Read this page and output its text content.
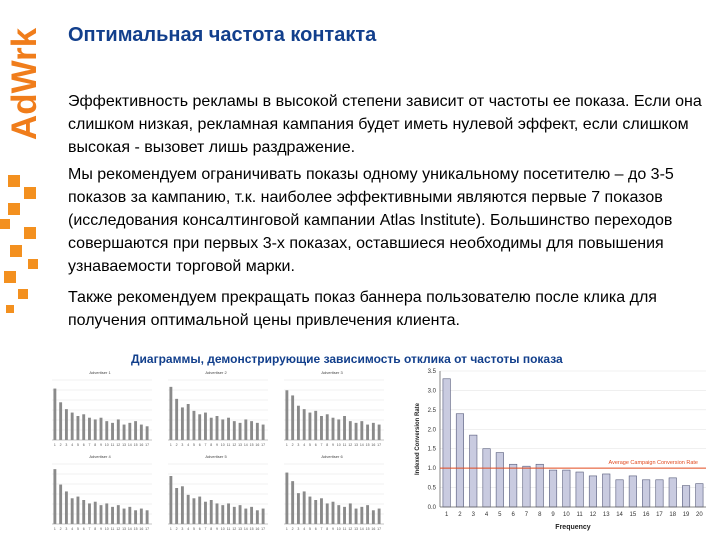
AdWrk Оптимальная частота контакта
Эффективность рекламы в высокой степени зависит от частоты ее показа. Если она слишком низкая, рекламная кампания будет иметь нулевой эффект, если слишком высокая - вызовет лишь раздражение.
Мы рекомендуем ограничивать показы одному уникальному посетителю – до 3-5 показов за кампанию, т.к. наиболее эффективными являются первые 7 показов (исследования консалтинговой кампании Atlas Institute). Большинство переходов совершаются при первых 3-х показах, оставшиеся необходимы для повышения узнаваемости торговой марки.
Также рекомендуем прекращать показ баннера пользователю после клика для получения оптимальной цены привлечения клиента.
Диаграммы, демонстрирующие зависимость отклика от частоты показа
Advertiser 1
1 2 3 4 5 6 7 8 9 10 11 12 13 14 15 16 17
Advertiser 2
1 2 3 4 5 6 7 8 9 10 11 12 13 14 15 16 17
Advertiser 3
1 2 3 4 5 6 7 8 9 10 11 12 13 14 15 16 17
Advertiser 4
1 2 3 4 5 6 7 8 9 10 11 12 13 14 15 16 17
Advertiser 5
1 2 3 4 5 6 7 8 9 10 11 12 13 14 15 16 17
Advertiser 6
1 2 3 4 5 6 7 8 9 10 11 12 13 14 15 16 17
0.0
0.5
1.0
1.5
2.0
2.5
3.0
3.5
1 2 3 4 5 6 7 8 9 10 11 12 13 14 15 16 17 18 19 20
Average Campaign Conversion Rate
Frequency
Indexed Conversion Rate
